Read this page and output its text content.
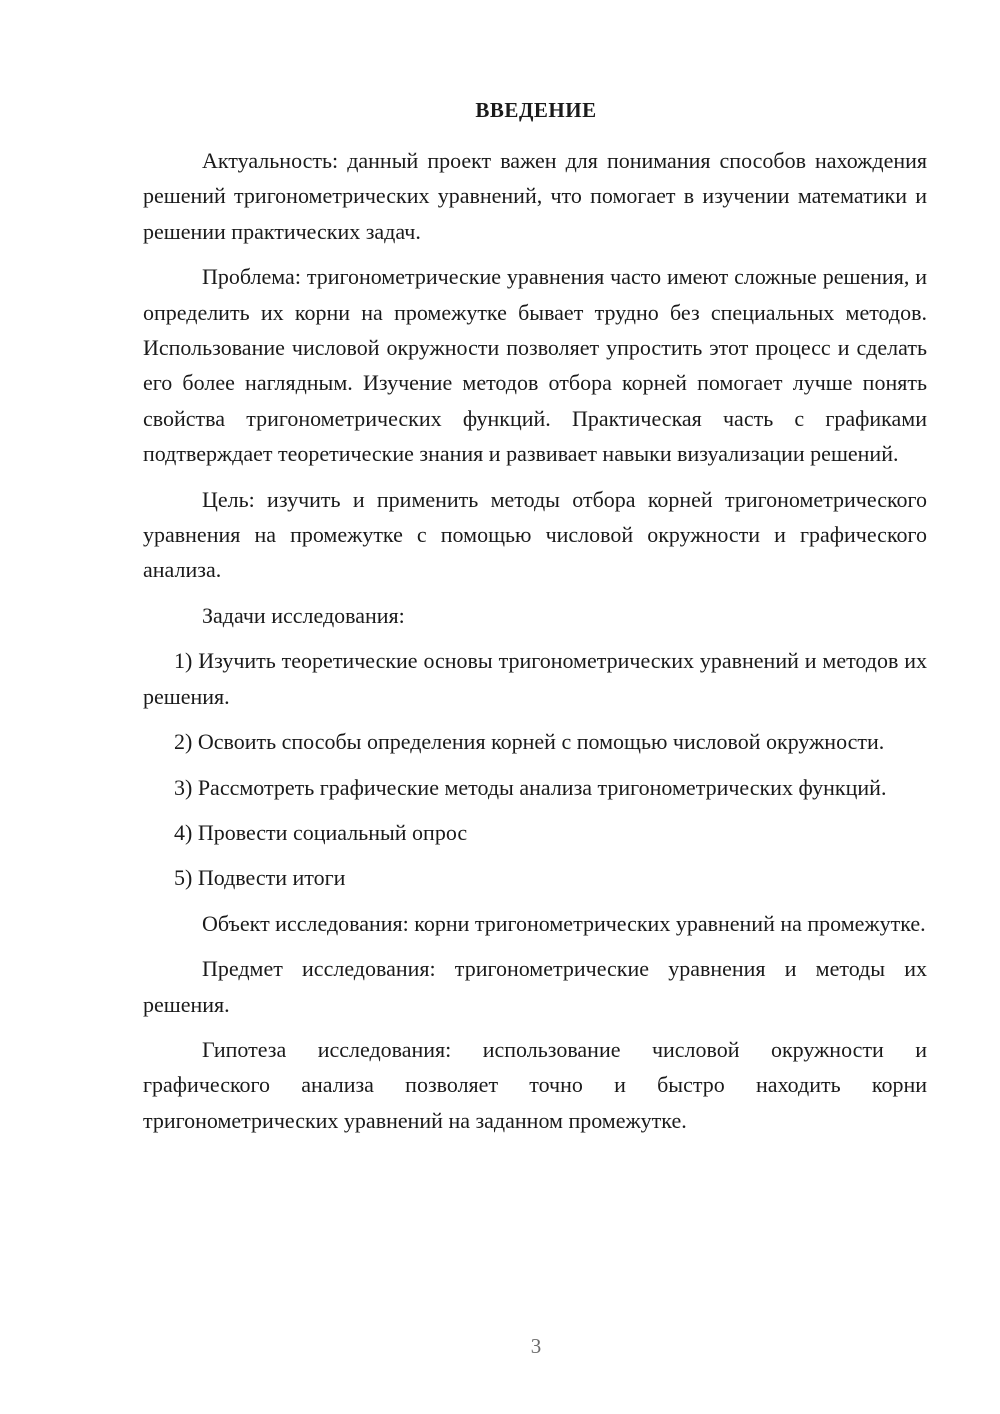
ВВЕДЕНИЕ

Актуальность: данный проект важен для понимания способов нахождения решений тригонометрических уравнений, что помогает в изучении математики и решении практических задач.

Проблема: тригонометрические уравнения часто имеют сложные решения, и определить их корни на промежутке бывает трудно без специальных методов. Использование числовой окружности позволяет упростить этот процесс и сделать его более наглядным. Изучение методов отбора корней помогает лучше понять свойства тригонометрических функций. Практическая часть с графиками подтверждает теоретические знания и развивает навыки визуализации решений.

Цель: изучить и применить методы отбора корней тригонометрического уравнения на промежутке с помощью числовой окружности и графического анализа.

Задачи исследования:

1) Изучить теоретические основы тригонометрических уравнений и методов их решения.

2) Освоить способы определения корней с помощью числовой окружности.

3) Рассмотреть графические методы анализа тригонометрических функций.

4) Провести социальный опрос

5) Подвести итоги

Объект исследования: корни тригонометрических уравнений на промежутке.

Предмет исследования: тригонометрические уравнения и методы их решения.

Гипотеза исследования: использование числовой окружности и графического анализа позволяет точно и быстро находить корни тригонометрических уравнений на заданном промежутке.

3
